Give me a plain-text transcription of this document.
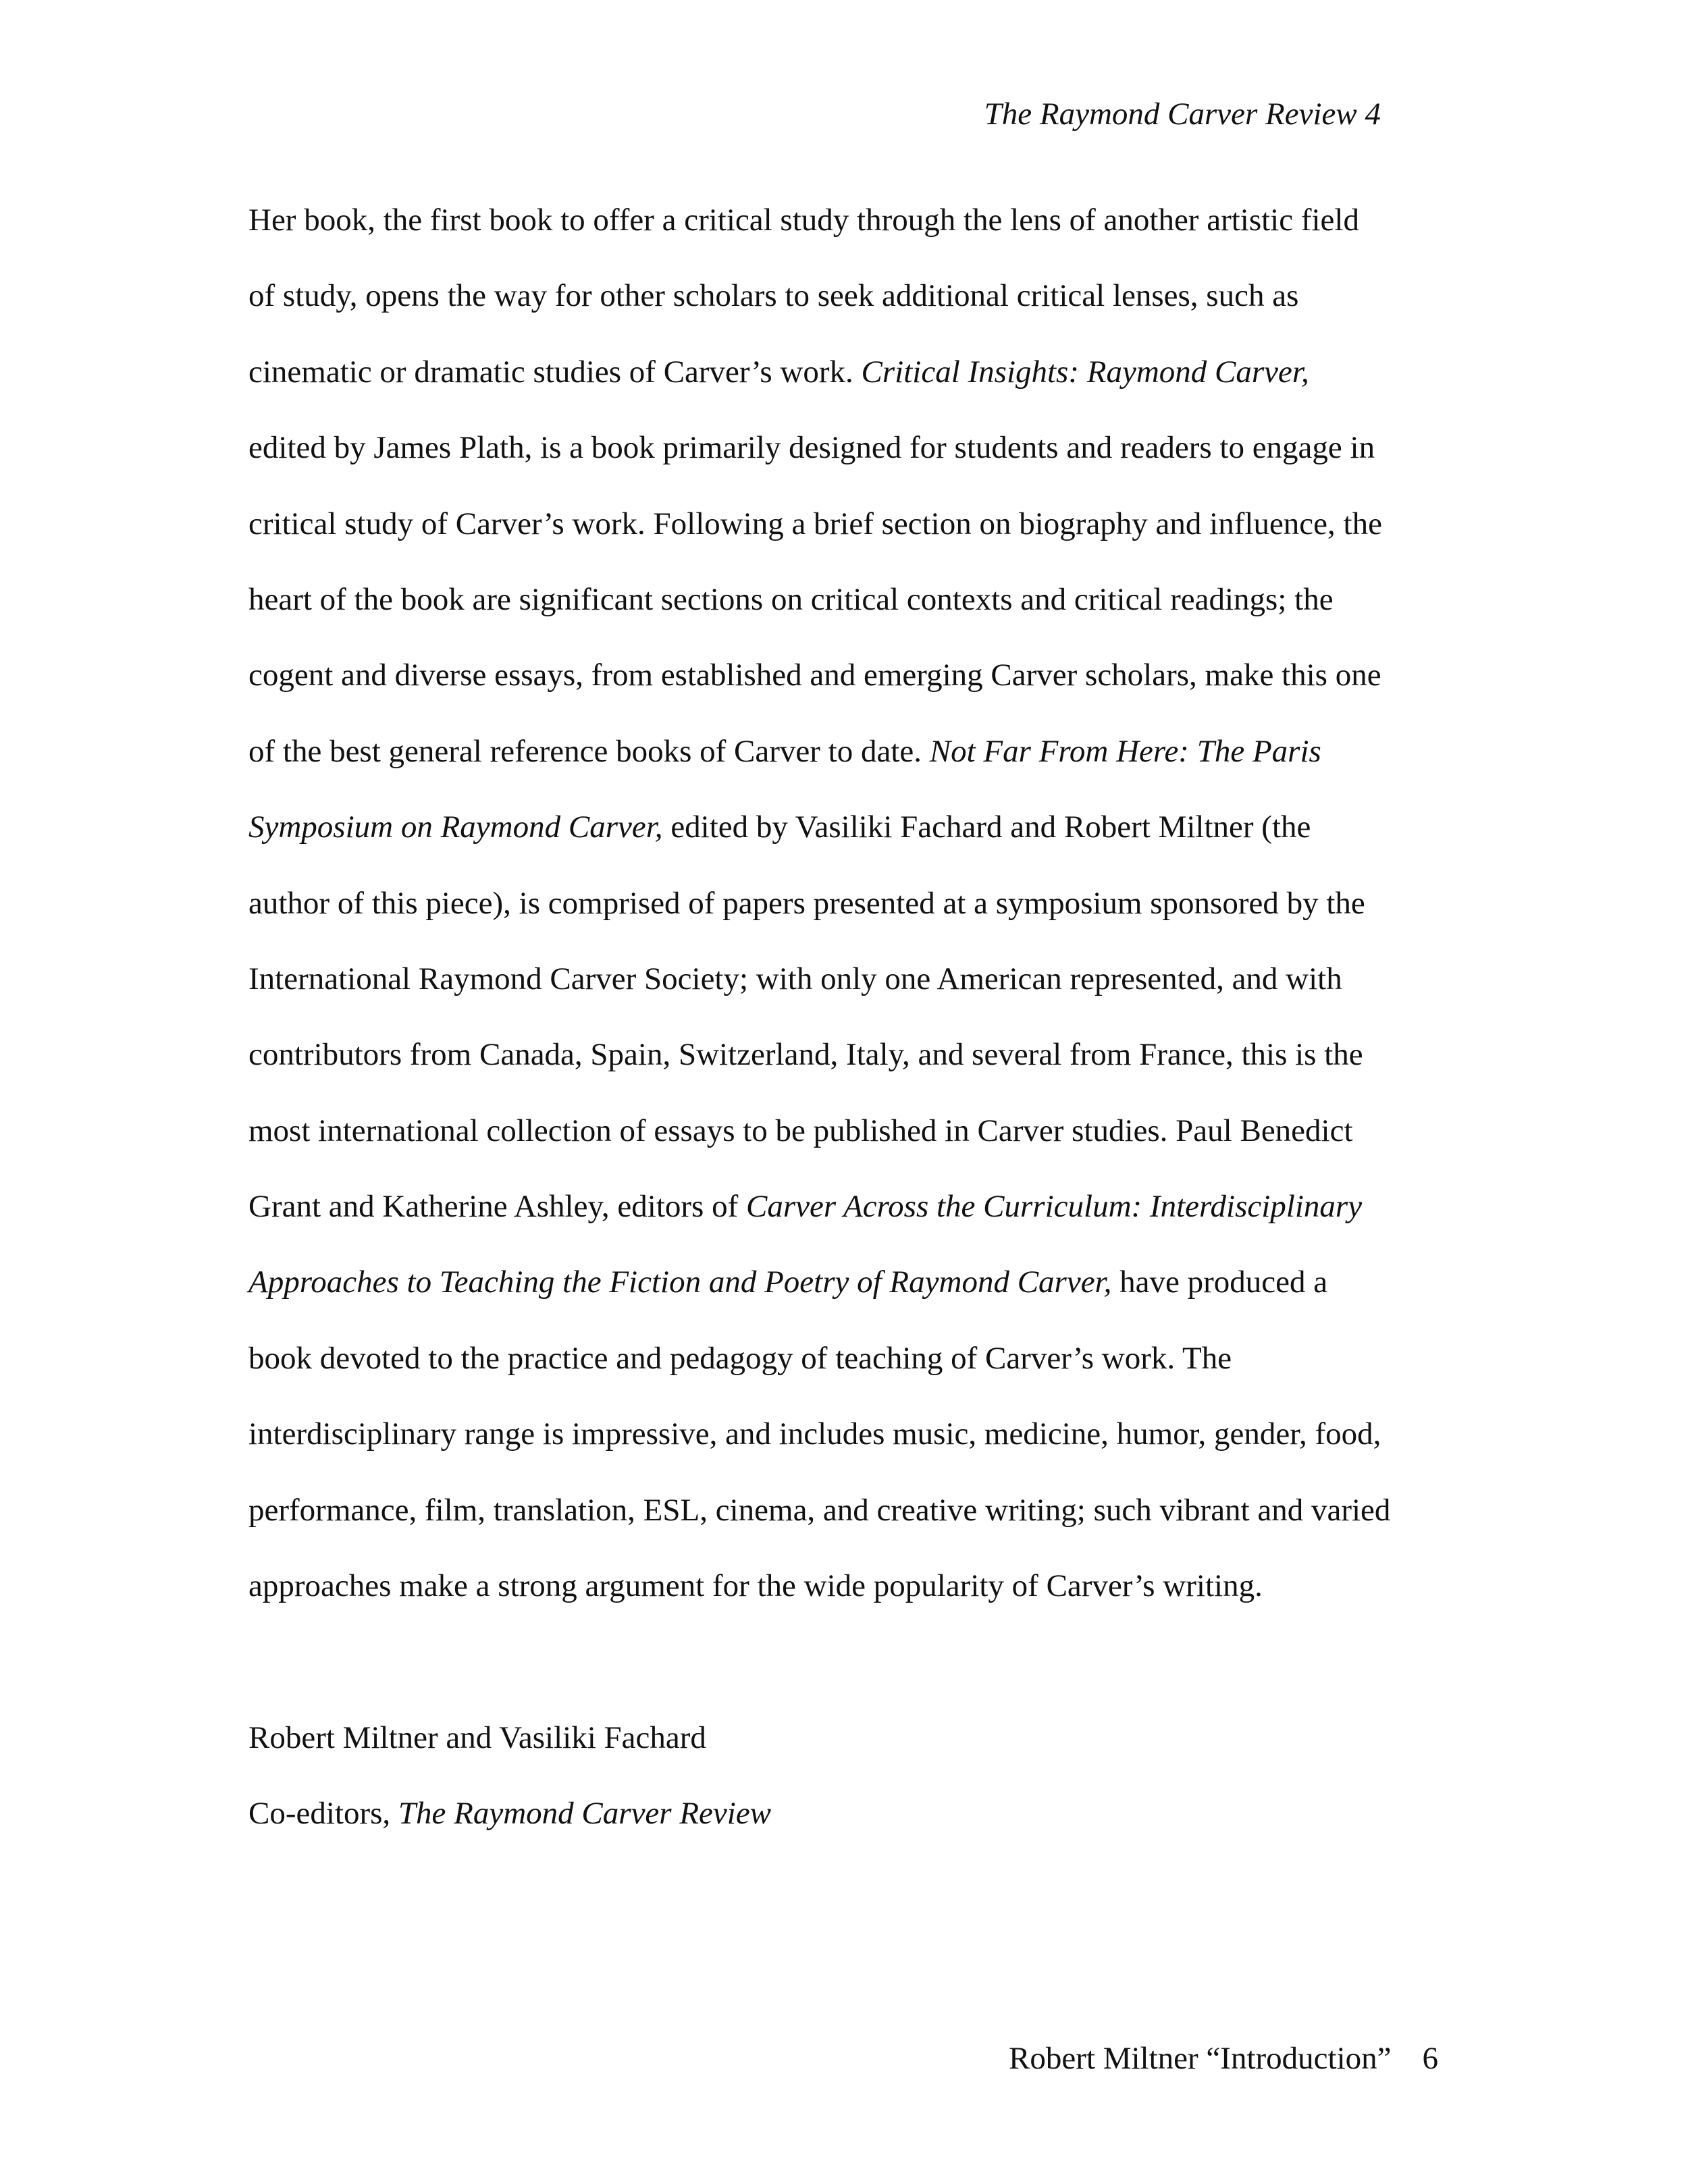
The Raymond Carver Review 4
Her book, the first book to offer a critical study through the lens of another artistic field
of study, opens the way for other scholars to seek additional critical lenses, such as
cinematic or dramatic studies of Carver’s work. Critical Insights: Raymond Carver,
edited by James Plath, is a book primarily designed for students and readers to engage in
critical study of Carver’s work. Following a brief section on biography and influence, the
heart of the book are significant sections on critical contexts and critical readings; the
cogent and diverse essays, from established and emerging Carver scholars, make this one
of the best general reference books of Carver to date. Not Far From Here: The Paris
Symposium on Raymond Carver, edited by Vasiliki Fachard and Robert Miltner (the
author of this piece), is comprised of papers presented at a symposium sponsored by the
International Raymond Carver Society; with only one American represented, and with
contributors from Canada, Spain, Switzerland, Italy, and several from France, this is the
most international collection of essays to be published in Carver studies. Paul Benedict
Grant and Katherine Ashley, editors of Carver Across the Curriculum: Interdisciplinary
Approaches to Teaching the Fiction and Poetry of Raymond Carver, have produced a
book devoted to the practice and pedagogy of teaching of Carver’s work. The
interdisciplinary range is impressive, and includes music, medicine, humor, gender, food,
performance, film, translation, ESL, cinema, and creative writing; such vibrant and varied
approaches make a strong argument for the wide popularity of Carver’s writing.
Robert Miltner and Vasiliki Fachard
Co-editors, The Raymond Carver Review
Robert Miltner “Introduction” 6
